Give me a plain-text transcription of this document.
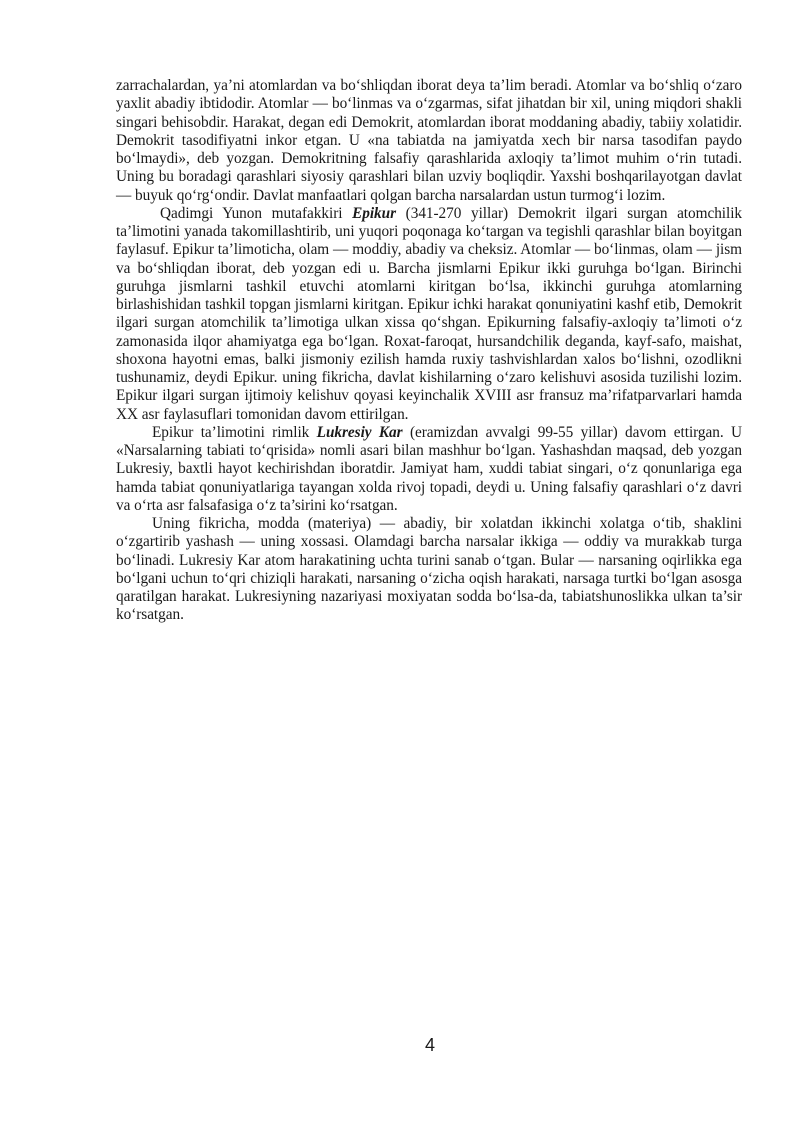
zarrachalardan, ya’ni atomlardan va bo‘shliqdan iborat deya ta’lim beradi. Atomlar va bo‘shliq o‘zaro yaxlit abadiy ibtidodir. Atomlar — bo‘linmas va o‘zgarmas, sifat jihatdan bir xil, uning miqdori shakli singari behisobdir. Harakat, degan edi Demokrit, atomlardan iborat moddaning abadiy, tabiiy xolatidir. Demokrit tasodifiyatni inkor etgan. U «na tabiatda na jamiyatda xech bir narsa tasodifan paydo bo‘lmaydi», deb yozgan. Demokritning falsafiy qarashlarida axloqiy ta’limot muhim o‘rin tutadi. Uning bu boradagi qarashlari siyosiy qarashlari bilan uzviy boqliqdir. Yaxshi boshqarilayotgan davlat — buyuk qo‘rg‘ondir. Davlat manfaatlari qolgan barcha narsalardan ustun turmog‘i lozim.

Qadimgi Yunon mutafakkiri Epikur (341-270 yillar) Demokrit ilgari surgan atomchilik ta’limotini yanada takomillashtirib, uni yuqori poqonaga ko‘targan va tegishli qarashlar bilan boyitgan faylasuf. Epikur ta’limoticha, olam — moddiy, abadiy va cheksiz. Atomlar — bo‘linmas, olam — jism va bo‘shliqdan iborat, deb yozgan edi u. Barcha jismlarni Epikur ikki guruhga bo‘lgan. Birinchi guruhga jismlarni tashkil etuvchi atomlarni kiritgan bo‘lsa, ikkinchi guruhga atomlarning birlashishidan tashkil topgan jismlarni kiritgan. Epikur ichki harakat qonuniyatini kashf etib, Demokrit ilgari surgan atomchilik ta’limotiga ulkan xissa qo‘shgan. Epikurning falsafiy-axloqiy ta’limoti o‘z zamonasida ilqor ahamiyatga ega bo‘lgan. Roxat-faroqat, hursandchilik deganda, kayf-safo, maishat, shoxona hayotni emas, balki jismoniy ezilish hamda ruxiy tashvishlardan xalos bo‘lishni, ozodlikni tushunamiz, deydi Epikur. uning fikricha, davlat kishilarning o‘zaro kelishuvi asosida tuzilishi lozim. Epikur ilgari surgan ijtimoiy kelishuv qoyasi keyinchalik XVIII asr fransuz ma’rifatparvarlari hamda XX asr faylasuflari tomonidan davom ettirilgan.

Epikur ta’limotini rimlik Lukresiy Kar (eramizdan avvalgi 99-55 yillar) davom ettirgan. U «Narsalarning tabiati to‘qrisida» nomli asari bilan mashhur bo‘lgan. Yashashdan maqsad, deb yozgan Lukresiy, baxtli hayot kechirishdan iboratdir. Jamiyat ham, xuddi tabiat singari, o‘z qonunlariga ega hamda tabiat qonuniyatlariga tayangan xolda rivoj topadi, deydi u. Uning falsafiy qarashlari o‘z davri va o‘rta asr falsafasiga o‘z ta’sirini ko‘rsatgan.

Uning fikricha, modda (materiya) — abadiy, bir xolatdan ikkinchi xolatga o‘tib, shaklini o‘zgartirib yashash — uning xossasi. Olamdagi barcha narsalar ikkiga — oddiy va murakkab turga bo‘linadi. Lukresiy Kar atom harakatining uchta turini sanab o‘tgan. Bular — narsaning oqirlikka ega bo‘lgani uchun to‘qri chiziqli harakati, narsaning o‘zicha oqish harakati, narsaga turtki bo‘lgan asosga qaratilgan harakat. Lukresiyning nazariyasi moxiyatan sodda bo‘lsa-da, tabiatshunoslikka ulkan ta’sir ko‘rsatgan.

4
